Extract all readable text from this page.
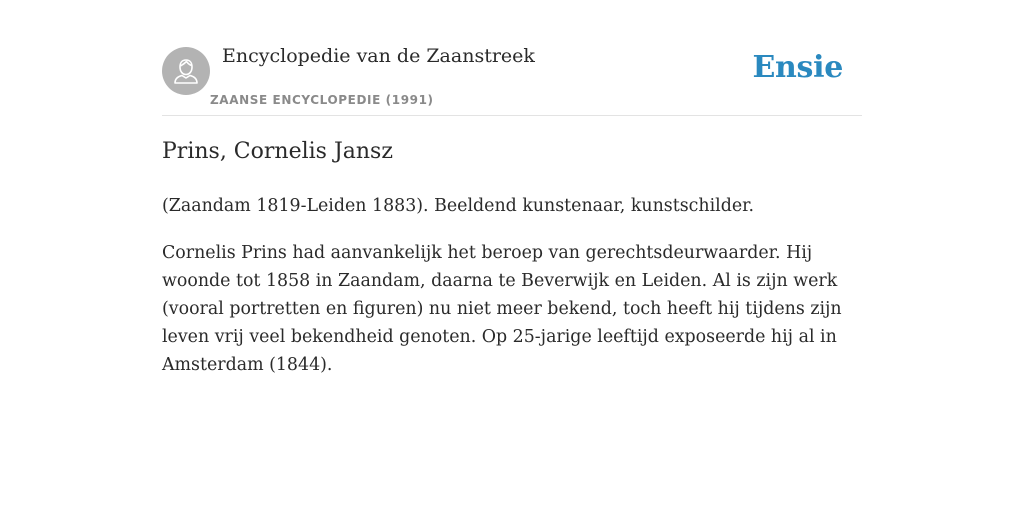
Encyclopedie van de Zaanstreek
ZAANSE ENCYCLOPEDIE (1991)
Ensie
Prins, Cornelis Jansz

(Zaandam 1819-Leiden 1883). Beeldend kunstenaar, kunstschilder.

Cornelis Prins had aanvankelijk het beroep van gerechtsdeurwaarder. Hij woonde tot 1858 in Zaandam, daarna te Beverwijk en Leiden. Al is zijn werk (vooral portretten en figuren) nu niet meer bekend, toch heeft hij tijdens zijn leven vrij veel bekendheid genoten. Op 25-jarige leeftijd exposeerde hij al in Amsterdam (1844).
